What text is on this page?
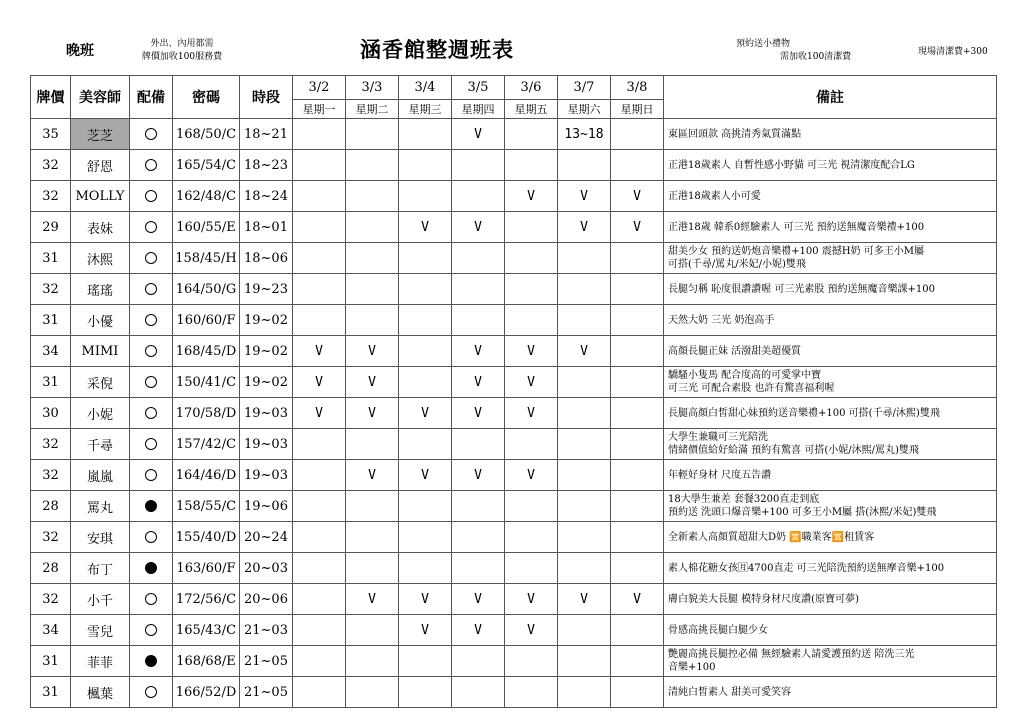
晚班	外出、內用都需
牌價加收100服務費	涵香館整週班表	預約送小禮物
需加收100清潔費	現場清潔費+300
牌價	美容師	配備	密碼	時段	3/2	3/3	3/4	3/5	3/6	3/7	3/8	備註
					星期一	星期二	星期三	星期四	星期五	星期六	星期日	
35	芝芝		168/50/C	18~21				V		13~18		東區回頭款 高挑清秀氣質滿點

32	舒恩		165/54/C	18~23								正港18歲素人 自暫性感小野貓 可三光 視清潔度配合LG

32	MOLLY		162/48/C	18~24					V	V	V	正港18歲素人小可愛

29	表妹		160/55/E	18~01			V	V		V	V	正港18歲 韓系0經驗素人 可三光 預約送無魔音樂禮+100

31	沐熙		158/45/H	18~06								甜美少女 預約送奶炮音樂禮+100 震撼H奶 可多王小M屬
可搭(千尋/罵丸/米妃/小妮)雙飛

32	瑤瑤		164/50/G	19~23								長腿匀稱 恥度很讚讚喔 可三光素股 預約送無魔音樂課+100

31	小優		160/60/F	19~02								天然大奶 三光 奶泡高手

34	MIMI		168/45/D	19~02	V	V		V	V	V		高顏長腿正妹 活潑甜美超優質

31	采倪		150/41/C	19~02	V	V		V	V			驕騷小隻馬 配合度高的可愛掌中寶
可三光 可配合素股 也許有驚喜福利喔

30	小妮		170/58/D	19~03	V	V	V	V	V			長腿高顏白皙甜心妹預約送音樂禮+100 可搭(千尋/沐熙)雙飛

32	千尋		157/42/C	19~03								大學生兼職可三光陪洗
情緒價值給好給滿 預約有驚喜 可搭(小妮/沐熙/罵丸)雙飛

32	嵐嵐		164/46/D	19~03		V	V	V	V			年輕好身材 尺度五告讚

28	罵丸		158/55/C	19~06								18大學生兼差 套餐3200直走到底
預約送 洗頭口爆音樂+100 可多王小M屬 搭(沐熙/米妃)雙飛

32	安琪		155/40/D	20~24								全新素人高顏質超甜大D奶 🈺職業客🈺租賃客

28	布丁		163/60/F	20~03								素人棉花糖女孩🈷4700直走 可三光陪洗預約送無摩音樂+100

32	小千		172/56/C	20~06		V	V	V	V	V	V	膚白貌美大長腿 模特身材尺度讚(原寶可夢)

34	雪兒		165/43/C	21~03			V	V	V			骨感高挑長腿白腿少女

31	菲菲		168/68/E	21~05								艷麗高挑長腿控必備 無經驗素人請愛護預約送 陪洗三光
音樂+100

31	楓葉		166/52/D	21~05								清純白皙素人 甜美可愛笑容
